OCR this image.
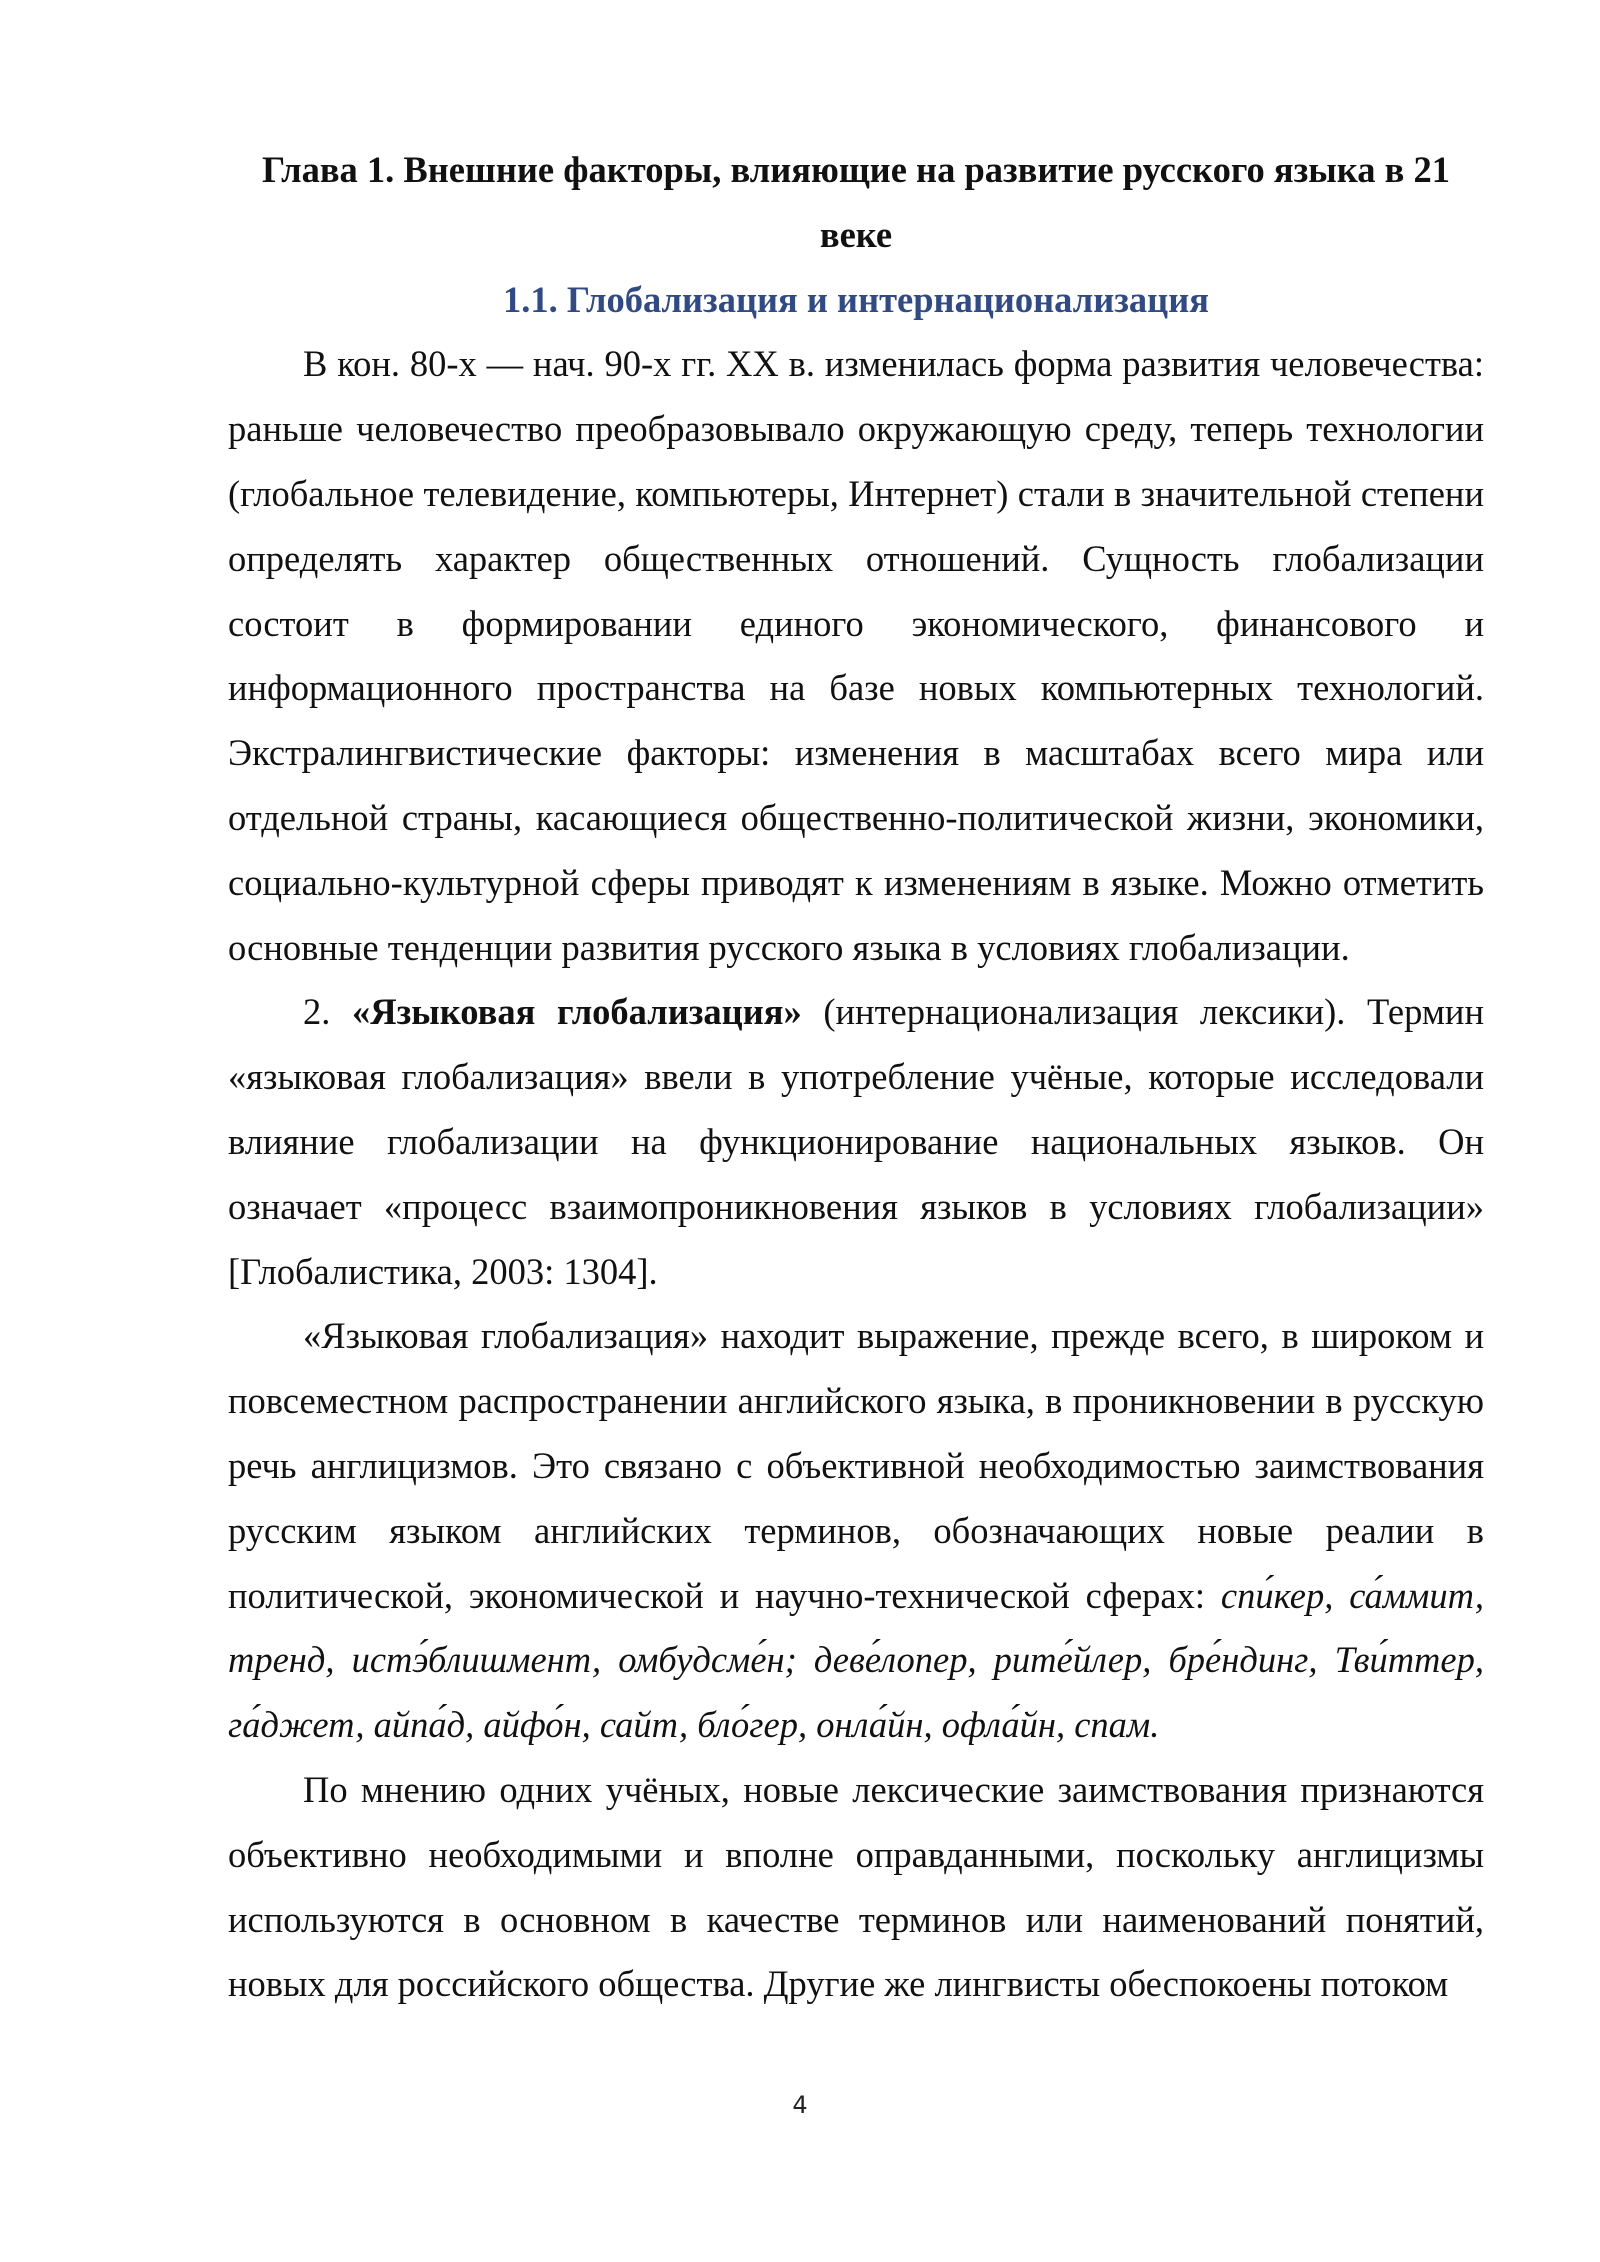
Глава 1. Внешние факторы, влияющие на развитие русского языка в 21 веке

1.1. Глобализация и интернационализация

В кон. 80-х — нач. 90-х гг. XX в. изменилась форма развития человечества: раньше человечество преобразовывало окружающую среду, теперь технологии (глобальное телевидение, компьютеры, Интернет) стали в значительной степени определять характер общественных отношений. Сущность глобализации состоит в формировании единого экономического, финансового и информационного пространства на базе новых компьютерных технологий. Экстралингвистические факторы: изменения в масштабах всего мира или отдельной страны, касающиеся общественно-политической жизни, экономики, социально-культурной сферы приводят к изменениям в языке. Можно отметить основные тенденции развития русского языка в условиях глобализации.

2. «Языковая глобализация» (интернационализация лексики). Термин «языковая глобализация» ввели в употребление учёные, которые исследовали влияние глобализации на функционирование национальных языков. Он означает «процесс взаимопроникновения языков в условиях глобализации» [Глобалистика, 2003: 1304].

«Языковая глобализация» находит выражение, прежде всего, в широком и повсеместном распространении английского языка, в проникновении в русскую речь англицизмов. Это связано с объективной необходимостью заимствования русским языком английских терминов, обозначающих новые реалии в политической, экономической и научно-технической сферах: спи́кер, са́ммит, тренд, истэ́блишмент, омбудсме́н; деве́лопер, рите́йлер, бре́ндинг, Тви́ттер, га́джет, айпа́д, айфо́н, сайт, бло́гер, онла́йн, офла́йн, спам.

По мнению одних учёных, новые лексические заимствования признаются объективно необходимыми и вполне оправданными, поскольку англицизмы используются в основном в качестве терминов или наименований понятий, новых для российского общества. Другие же лингвисты обеспокоены потоком

4
